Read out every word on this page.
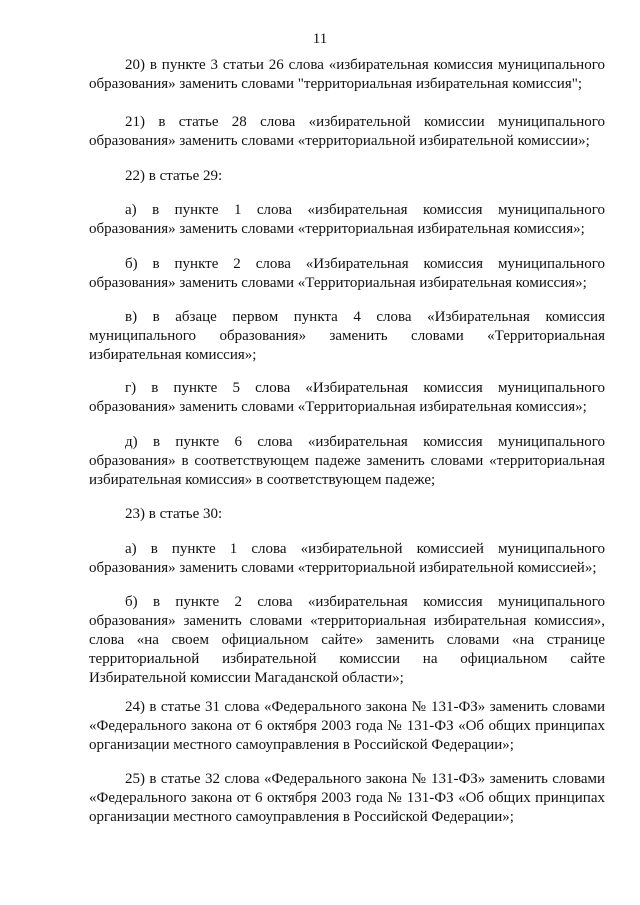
11
20) в пункте 3 статьи 26 слова «избирательная комиссия муниципального
образования» заменить словами "территориальная избирательная комиссия";
21) в статье 28 слова «избирательной комиссии муниципального
образования» заменить словами «территориальной избирательной комиссии»;
22) в статье 29:
а) в пункте 1 слова «избирательная комиссия муниципального
образования» заменить словами «территориальная избирательная комиссия»;
б) в пункте 2 слова «Избирательная комиссия муниципального
образования» заменить словами «Территориальная избирательная комиссия»;
в) в абзаце первом пункта 4 слова «Избирательная комиссия
муниципального образования» заменить словами «Территориальная
избирательная комиссия»;
г) в пункте 5 слова «Избирательная комиссия муниципального
образования» заменить словами «Территориальная избирательная комиссия»;
д) в пункте 6 слова «избирательная комиссия муниципального
образования» в соответствующем падеже заменить словами «территориальная
избирательная комиссия» в соответствующем падеже;
23) в статье 30:
а) в пункте 1 слова «избирательной комиссией муниципального
образования» заменить словами «территориальной избирательной комиссией»;
б) в пункте 2 слова «избирательная комиссия муниципального
образования» заменить словами «территориальная избирательная комиссия»,
слова «на своем официальном сайте» заменить словами «на странице
территориальной избирательной комиссии на официальном сайте
Избирательной комиссии Магаданской области»;
24) в статье 31 слова «Федерального закона № 131-ФЗ» заменить словами
«Федерального закона от 6 октября 2003 года № 131-ФЗ «Об общих принципах
организации местного самоуправления в Российской Федерации»;
25) в статье 32 слова «Федерального закона № 131-ФЗ» заменить словами
«Федерального закона от 6 октября 2003 года № 131-ФЗ «Об общих принципах
организации местного самоуправления в Российской Федерации»;
